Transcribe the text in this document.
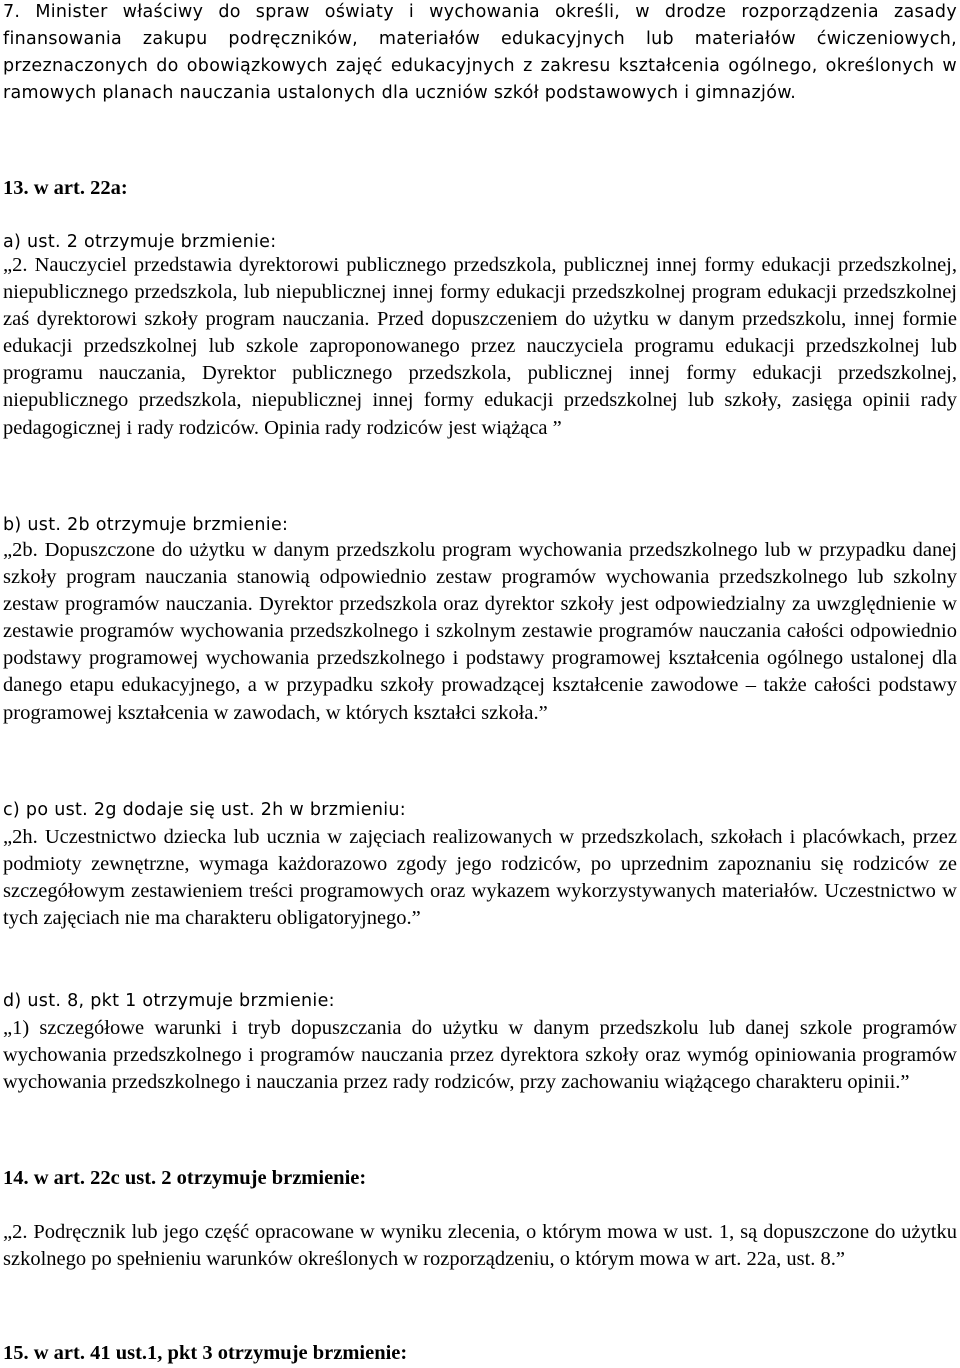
7. Minister właściwy do spraw oświaty i wychowania określi, w drodze rozporządzenia zasady finansowania zakupu podręczników, materiałów edukacyjnych lub materiałów ćwiczeniowych, przeznaczonych do obowiązkowych zajęć edukacyjnych z zakresu kształcenia ogólnego, określonych w ramowych planach nauczania ustalonych dla uczniów szkół podstawowych i gimnazjów.

13. w art. 22a:

a) ust. 2 otrzymuje brzmienie:

„2. Nauczyciel przedstawia dyrektorowi publicznego przedszkola, publicznej innej formy edukacji przedszkolnej, niepublicznego przedszkola, lub niepublicznej innej formy edukacji przedszkolnej program edukacji przedszkolnej zaś dyrektorowi szkoły program nauczania. Przed dopuszczeniem do użytku w danym przedszkolu, innej formie edukacji przedszkolnej lub szkole zaproponowanego przez nauczyciela programu edukacji przedszkolnej lub programu nauczania, Dyrektor publicznego przedszkola, publicznej innej formy edukacji przedszkolnej, niepublicznego przedszkola, niepublicznej innej formy edukacji przedszkolnej lub szkoły, zasięga opinii rady pedagogicznej i rady rodziców. Opinia rady rodziców jest wiążąca ”

b) ust. 2b otrzymuje brzmienie:

„2b. Dopuszczone do użytku w danym przedszkolu program wychowania przedszkolnego lub w przypadku danej szkoły program nauczania stanowią odpowiednio zestaw programów wychowania przedszkolnego lub szkolny zestaw programów nauczania. Dyrektor przedszkola oraz dyrektor szkoły jest odpowiedzialny za uwzględnienie w zestawie programów wychowania przedszkolnego i szkolnym zestawie programów nauczania całości odpowiednio podstawy programowej wychowania przedszkolnego i podstawy programowej kształcenia ogólnego ustalonej dla danego etapu edukacyjnego, a w przypadku szkoły prowadzącej kształcenie zawodowe – także całości podstawy programowej kształcenia w zawodach, w których kształci szkoła.”

c) po ust. 2g dodaje się ust. 2h w brzmieniu:

„2h. Uczestnictwo dziecka lub ucznia w zajęciach realizowanych w przedszkolach, szkołach i placówkach, przez podmioty zewnętrzne, wymaga każdorazowo zgody jego rodziców, po uprzednim zapoznaniu się rodziców ze szczegółowym zestawieniem treści programowych oraz wykazem wykorzystywanych materiałów. Uczestnictwo w tych zajęciach nie ma charakteru obligatoryjnego.”

d) ust. 8, pkt 1 otrzymuje brzmienie:

„1) szczegółowe warunki i tryb dopuszczania do użytku w danym przedszkolu lub danej szkole programów wychowania przedszkolnego i programów nauczania przez dyrektora szkoły oraz wymóg opiniowania programów wychowania przedszkolnego i nauczania przez rady rodziców, przy zachowaniu wiążącego charakteru opinii.”

14. w art. 22c ust. 2 otrzymuje brzmienie:

„2. Podręcznik lub jego część opracowane w wyniku zlecenia, o którym mowa w ust. 1, są dopuszczone do użytku szkolnego po spełnieniu warunków określonych w rozporządzeniu, o którym mowa w art. 22a, ust. 8.”

15. w art. 41 ust.1, pkt 3 otrzymuje brzmienie:
